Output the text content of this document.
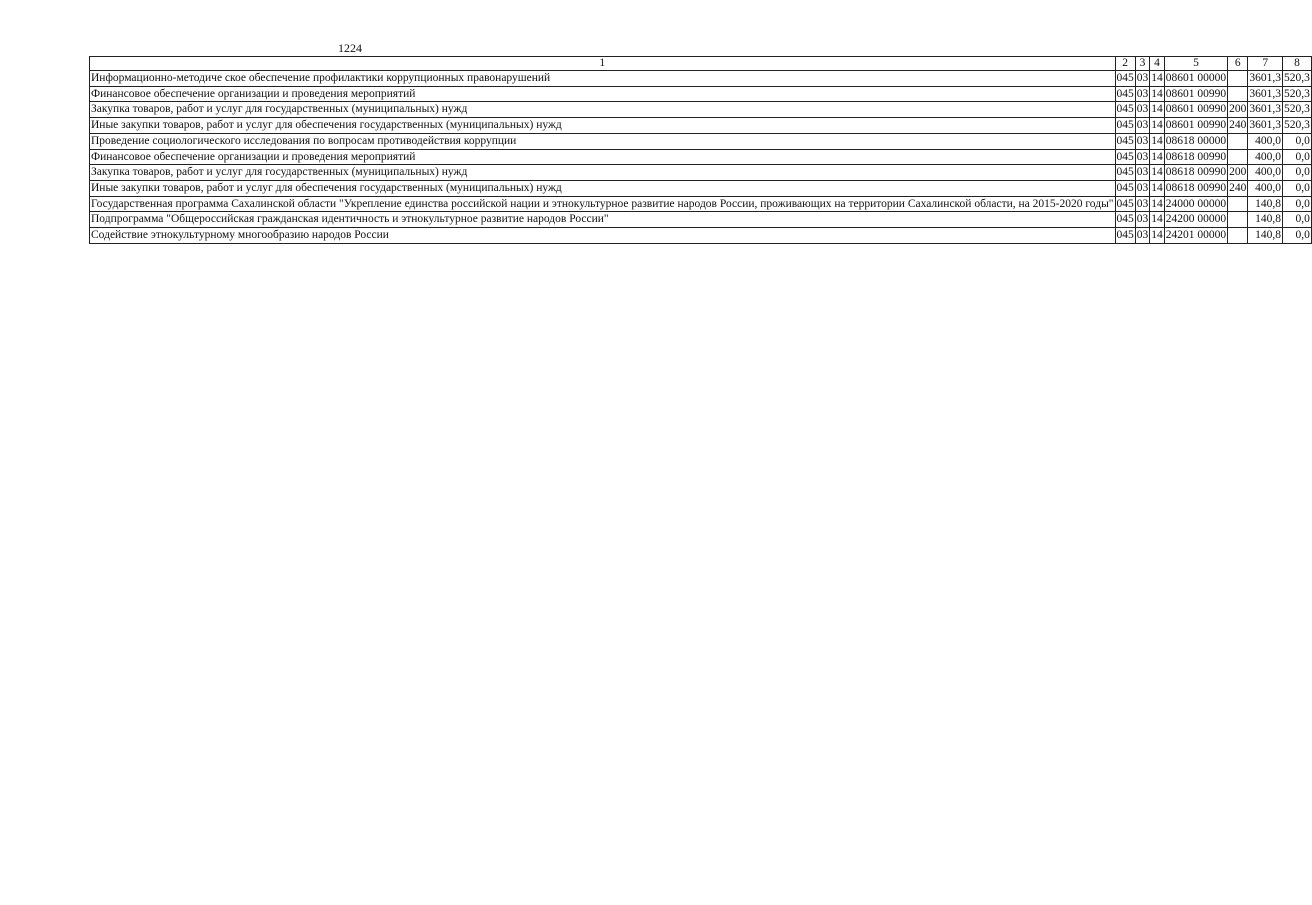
1224
1	2	3	4	5	6	7	8
Информационно-методиче ское обеспечение профилактики коррупционных правонарушений	045	03	14	08601 00000		3601,3	520,3
Финансовое обеспечение организации и проведения мероприятий	045	03	14	08601 00990		3601,3	520,3
Закупка товаров, работ и услуг для государственных (муниципальных) нужд	045	03	14	08601 00990	200	3601,3	520,3
Иные закупки товаров, работ и услуг для обеспечения государственных (муниципальных) нужд	045	03	14	08601 00990	240	3601,3	520,3
Проведение социологического исследования по вопросам противодействия коррупции	045	03	14	08618 00000		400,0	0,0
Финансовое обеспечение организации и проведения мероприятий	045	03	14	08618 00990		400,0	0,0
Закупка товаров, работ и услуг для государственных (муниципальных) нужд	045	03	14	08618 00990	200	400,0	0,0
Иные закупки товаров, работ и услуг для обеспечения государственных (муниципальных) нужд	045	03	14	08618 00990	240	400,0	0,0
Государственная программа Сахалинской области "Укрепление единства российской нации и этнокультурное развитие народов России, проживающих на территории Сахалинской области, на 2015-2020 годы"	045	03	14	24000 00000		140,8	0,0
Подпрограмма "Общероссийская гражданская идентичность и этнокультурное развитие народов России"	045	03	14	24200 00000		140,8	0,0
Содействие этнокультурному многообразию народов России	045	03	14	24201 00000		140,8	0,0
